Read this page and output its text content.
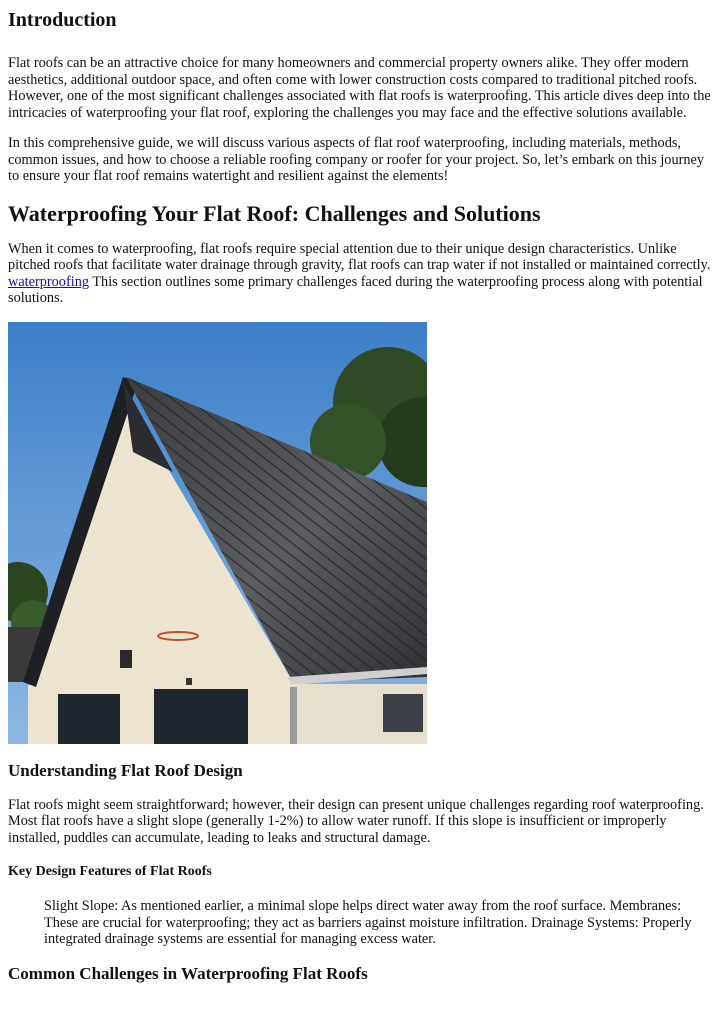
Introduction

Flat roofs can be an attractive choice for many homeowners and commercial property owners alike. They offer modern aesthetics, additional outdoor space, and often come with lower construction costs compared to traditional pitched roofs. However, one of the most significant challenges associated with flat roofs is waterproofing. This article dives deep into the intricacies of waterproofing your flat roof, exploring the challenges you may face and the effective solutions available.

In this comprehensive guide, we will discuss various aspects of flat roof waterproofing, including materials, methods, common issues, and how to choose a reliable roofing company or roofer for your project. So, let’s embark on this journey to ensure your flat roof remains watertight and resilient against the elements!

Waterproofing Your Flat Roof: Challenges and Solutions

When it comes to waterproofing, flat roofs require special attention due to their unique design characteristics. Unlike pitched roofs that facilitate water drainage through gravity, flat roofs can trap water if not installed or maintained correctly. waterproofing This section outlines some primary challenges faced during the waterproofing process along with potential solutions.

Understanding Flat Roof Design

Flat roofs might seem straightforward; however, their design can present unique challenges regarding roof waterproofing. Most flat roofs have a slight slope (generally 1-2%) to allow water runoff. If this slope is insufficient or improperly installed, puddles can accumulate, leading to leaks and structural damage.

Key Design Features of Flat Roofs

Slight Slope: As mentioned earlier, a minimal slope helps direct water away from the roof surface. Membranes: These are crucial for waterproofing; they act as barriers against moisture infiltration. Drainage Systems: Properly integrated drainage systems are essential for managing excess water.

Common Challenges in Waterproofing Flat Roofs
